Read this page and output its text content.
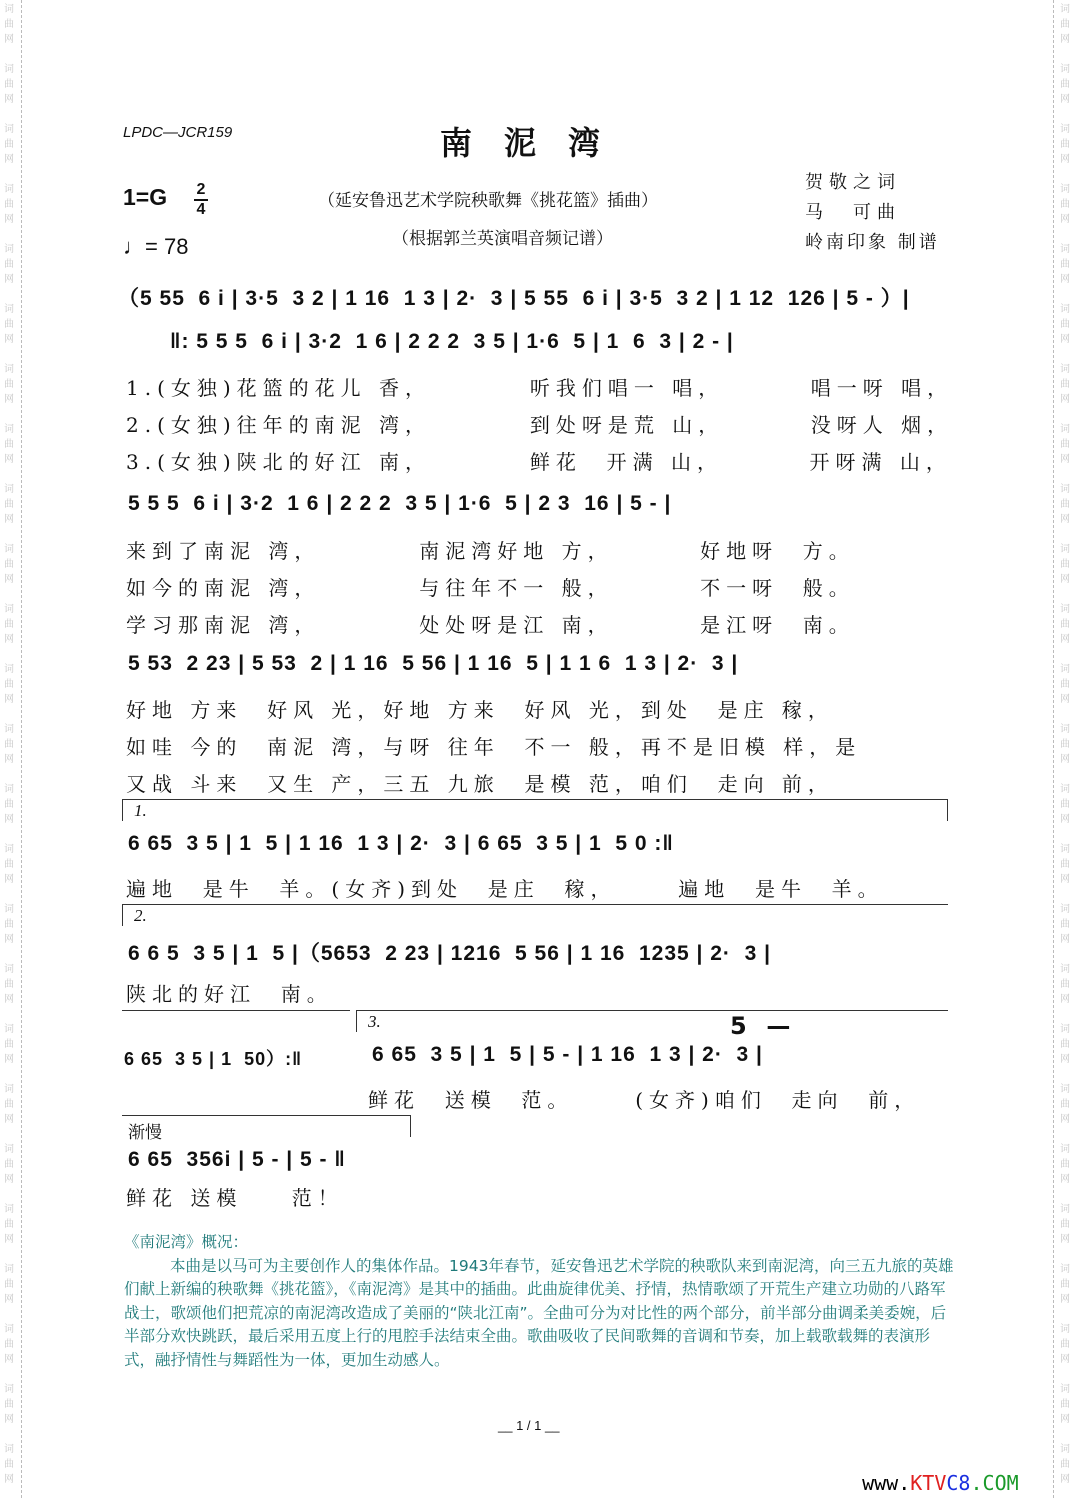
词
曲
网
词
曲
网
词
曲
网
词
曲
网
词
曲
网
词
曲
网
词
曲
网
词
曲
网
词
曲
网
词
曲
网
词
曲
网
词
曲
网
词
曲
网
词
曲
网
词
曲
网
词
曲
网
词
曲
网
词
曲
网
词
曲
网
词
曲
网
词
曲
网
词
曲
网
词
曲
网
词
曲
网
词
曲
网
词
曲
网
词
曲
网
词
曲
网
词
曲
网
词
曲
网
词
曲
网
词
曲
网
词
曲
网
词
曲
网
词
曲
网
词
曲
网
词
曲
网
词
曲
网
词
曲
网
词
曲
网
词
曲
网
词
曲
网
词
曲
网
词
曲
网
词
曲
网
词
曲
网
词
曲
网
词
曲
网
词
曲
网
词
曲
网
LPDC—JCR159	南泥湾
1=G 2
4
♩= 78
（延安鲁迅艺术学院秧歌舞《挑花篮》插曲）
（根据郭兰英演唱音频记谱）
贺敬之词
马　可曲
岭南印象 制谱
（5 55  6 i | 3·5  3 2 | 1 16  1 3 | 2·  3 | 5 55  6 i | 3·5  3 2 | 1 12  126 | 5 - ）|
‖: 5 5 5  6 i | 3·2  1 6 | 2 2 2  3 5 | 1·6  5 | 1  6  3 | 2 - |
1.(女独)花篮的花儿 香，        听我们唱一 唱，       唱一呀 唱，
2.(女独)往年的南泥 湾，        到处呀是荒 山，       没呀人 烟，
3.(女独)陕北的好江 南，        鲜花  开满 山，       开呀满 山，
5 5 5  6 i | 3·2  1 6 | 2 2 2  3 5 | 1·6  5 | 2 3  16 | 5 - |
来到了南泥 湾，        南泥湾好地 方，       好地呀  方。
如今的南泥 湾，        与往年不一 般，       不一呀  般。
学习那南泥 湾，        处处呀是江 南，       是江呀  南。
5 53  2 23 | 5 53  2 | 1 16  5 56 | 1 16  5 | 1 1 6  1 3 | 2·  3 |
好地 方来  好风 光，好地 方来  好风 光，到处  是庄 稼，
如哇 今的  南泥 湾，与呀 往年  不一 般，再不是旧模 样，是
又战 斗来  又生 产，三五 九旅  是模 范，咱们  走向 前，
1.
6 65  3 5 | 1  5 | 1 16  1 3 | 2·  3 | 6 65  3 5 | 1  5 0 :‖
遍地  是牛  羊。(女齐)到处  是庄  稼，     遍地  是牛  羊。
2.
6 6 5  3 5 | 1  5 |（5653  2 23 | 1216  5 56 | 1 16  1235 | 2·  3 |
陕北的好江  南。
3.
6 65  3 5 | 1  50）:‖	6 65  3 5 | 1  5 | 5 - | 1 16  1 3 | 2·  3 |
5  —
鲜花  送模  范。     (女齐)咱们  走向  前，
渐慢
6 65  356i | 5 - | 5 - ‖
鲜花 送模    范！
《南泥湾》概况：
本曲是以马可为主要创作人的集体作品。1943年春节，延安鲁迅艺术学院的秧歌队来到南泥湾，向三五九旅的英雄们献上新编的秧歌舞《挑花篮》，《南泥湾》是其中的插曲。此曲旋律优美、抒情，热情歌颂了开荒生产建立功勋的八路军战士，歌颂他们把荒凉的南泥湾改造成了美丽的“陕北江南”。全曲可分为对比性的两个部分，前半部分曲调柔美委婉，后半部分欢快跳跃，最后采用五度上行的甩腔手法结束全曲。歌曲吸收了民间歌舞的音调和节奏，加上载歌载舞的表演形式，融抒情性与舞蹈性为一体，更加生动感人。
__ 1 / 1 __

www.KTVC8.COM
